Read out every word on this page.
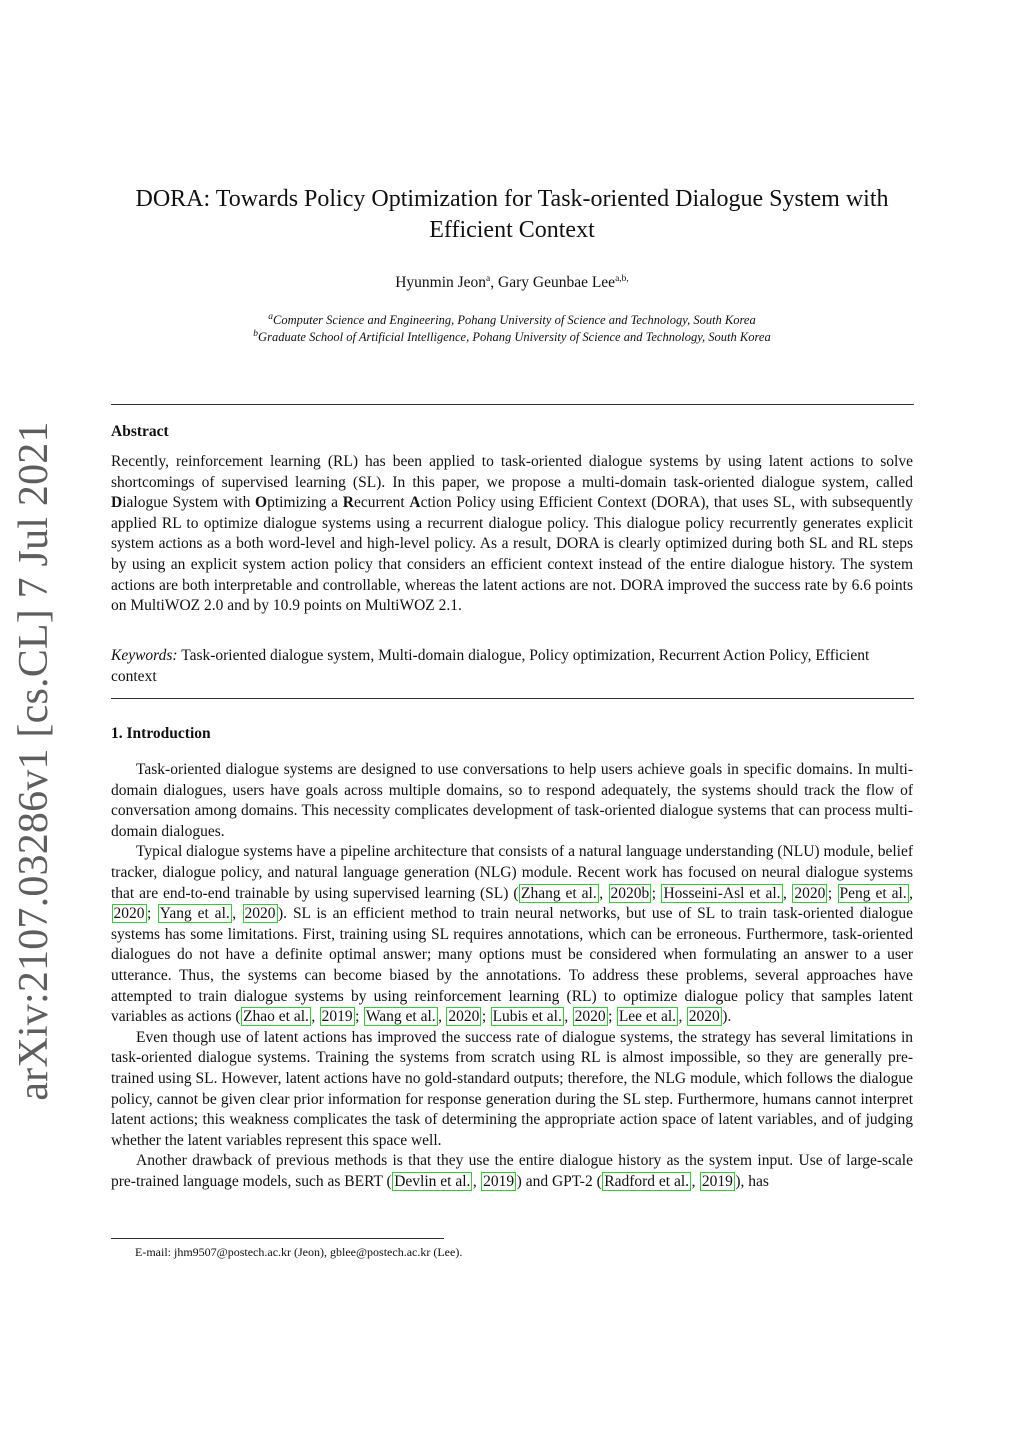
arXiv:2107.03286v1 [cs.CL] 7 Jul 2021
DORA: Towards Policy Optimization for Task-oriented Dialogue System with
Efficient Context
Hyunmin Jeon$^a$, Gary Geunbae Lee$^{a,b,}$
$^a$Computer Science and Engineering, Pohang University of Science and Technology, South Korea
$^b$Graduate School of Artificial Intelligence, Pohang University of Science and Technology, South Korea
Abstract

Recently, reinforcement learning (RL) has been applied to task-oriented dialogue systems by using latent actions to solve shortcomings of supervised learning (SL). In this paper, we propose a multi-domain task-oriented dialogue system, called Dialogue System with Optimizing a Recurrent Action Policy using Efficient Context (DORA), that uses SL, with subsequently applied RL to optimize dialogue systems using a recurrent dialogue policy. This dialogue policy recurrently generates explicit system actions as a both word-level and high-level policy. As a result, DORA is clearly optimized during both SL and RL steps by using an explicit system action policy that considers an efficient context instead of the entire dialogue history. The system actions are both interpretable and controllable, whereas the latent actions are not. DORA improved the success rate by 6.6 points on MultiWOZ 2.0 and by 10.9 points on MultiWOZ 2.1.

Keywords: Task-oriented dialogue system, Multi-domain dialogue, Policy optimization, Recurrent Action Policy, Efficient context

1. Introduction

Task-oriented dialogue systems are designed to use conversations to help users achieve goals in specific domains. In multi-domain dialogues, users have goals across multiple domains, so to respond adequately, the systems should track the flow of conversation among domains. This necessity complicates development of task-oriented dialogue systems that can process multi-domain dialogues.

Typical dialogue systems have a pipeline architecture that consists of a natural language understanding (NLU) module, belief tracker, dialogue policy, and natural language generation (NLG) module. Recent work has focused on neural dialogue systems that are end-to-end trainable by using supervised learning (SL) ( Zhang et al. , 2020b ; Hosseini-Asl et al. , 2020 ; Peng et al. , 2020 ; Yang et al. , 2020 ). SL is an efficient method to train neural networks, but use of SL to train task-oriented dialogue systems has some limitations. First, training using SL requires annotations, which can be erroneous. Furthermore, task-oriented dialogues do not have a definite optimal answer; many options must be considered when formulating an answer to a user utterance. Thus, the systems can become biased by the annotations. To address these problems, several approaches have attempted to train dialogue systems by using reinforcement learning (RL) to optimize dialogue policy that samples latent variables as actions ( Zhao et al. , 2019 ; Wang et al. , 2020 ; Lubis et al. , 2020 ; Lee et al. , 2020 ).

Even though use of latent actions has improved the success rate of dialogue systems, the strategy has several limitations in task-oriented dialogue systems. Training the systems from scratch using RL is almost impossible, so they are generally pre-trained using SL. However, latent actions have no gold-standard outputs; therefore, the NLG module, which follows the dialogue policy, cannot be given clear prior information for response generation during the SL step. Furthermore, humans cannot interpret latent actions; this weakness complicates the task of determining the appropriate action space of latent variables, and of judging whether the latent variables represent this space well.

Another drawback of previous methods is that they use the entire dialogue history as the system input. Use of large-scale pre-trained language models, such as BERT ( Devlin et al. , 2019 ) and GPT-2 ( Radford et al. , 2019 ), has

E-mail: jhm9507@postech.ac.kr (Jeon), gblee@postech.ac.kr (Lee).
